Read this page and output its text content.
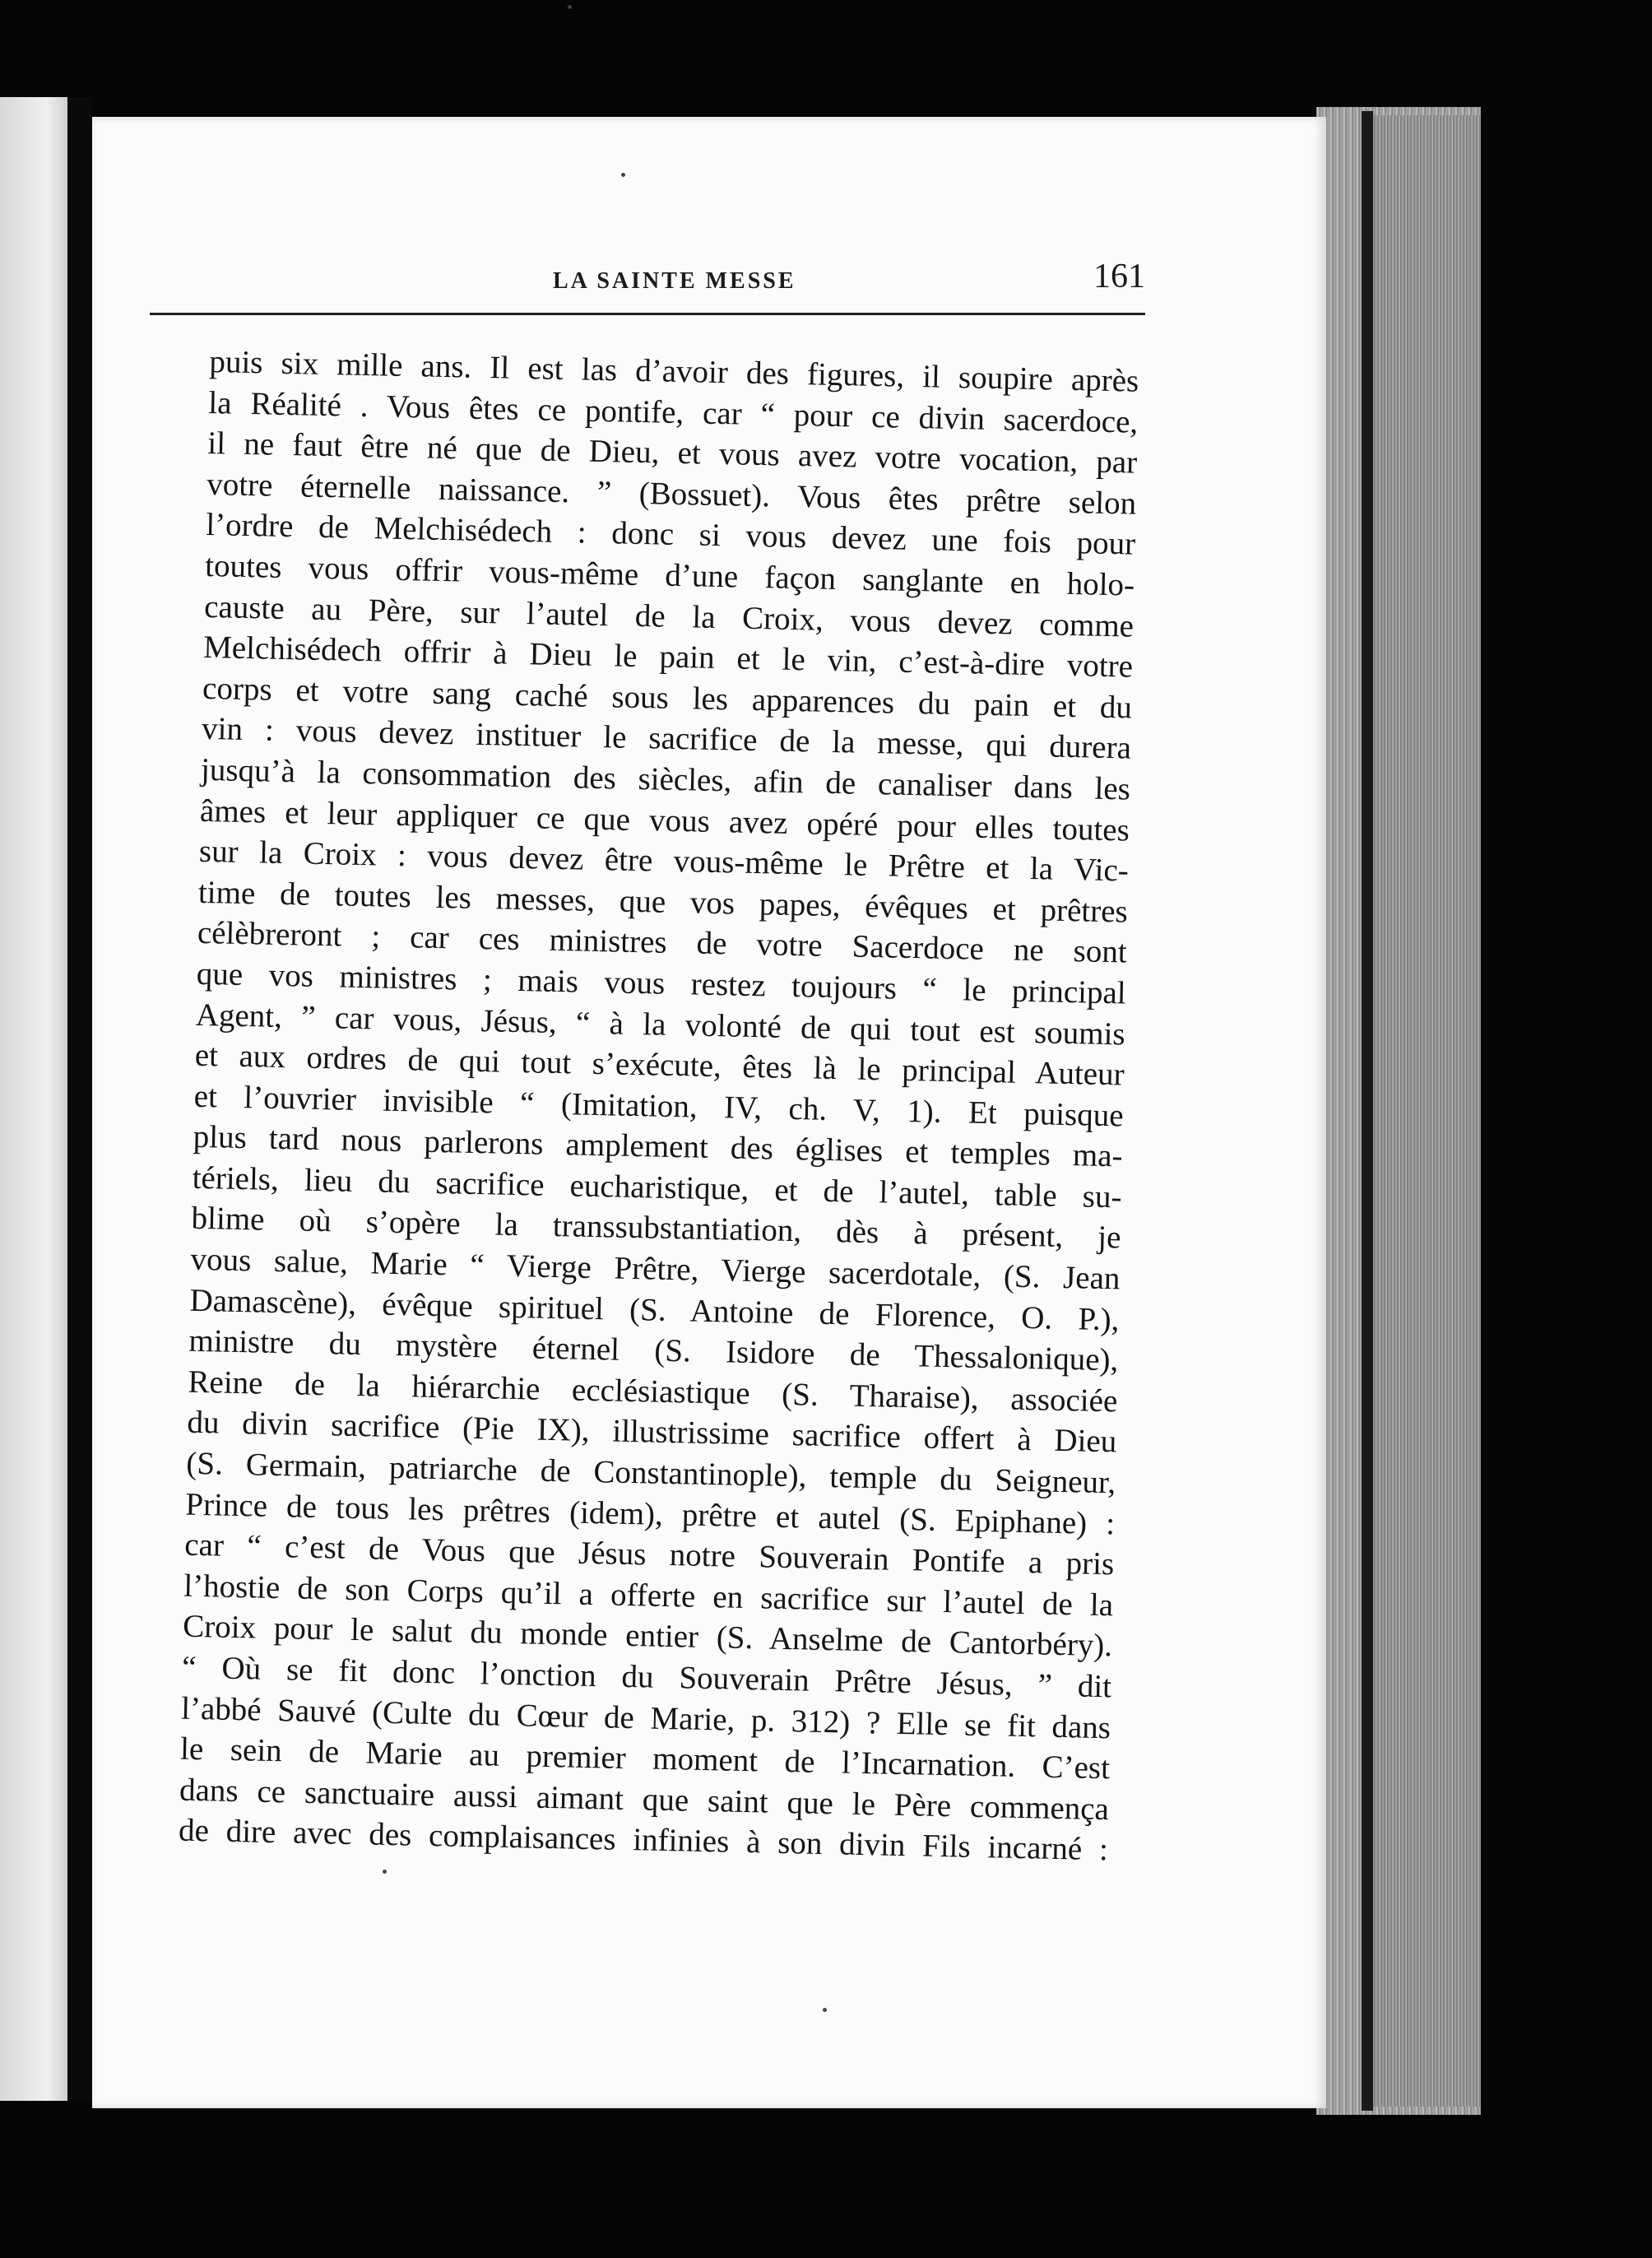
LA SAINTE MESSE	161
puis six mille ans. Il est las d’avoir des figures, il soupire après
la Réalité . Vous êtes ce pontife, car “ pour ce divin sacerdoce,
il ne faut être né que de Dieu, et vous avez votre vocation, par
votre éternelle naissance. ” (Bossuet). Vous êtes prêtre selon
l’ordre de Melchisédech : donc si vous devez une fois pour
toutes vous offrir vous-même d’une façon sanglante en holo-
causte au Père, sur l’autel de la Croix, vous devez comme
Melchisédech offrir à Dieu le pain et le vin, c’est-à-dire votre
corps et votre sang caché sous les apparences du pain et du
vin : vous devez instituer le sacrifice de la messe, qui durera
jusqu’à la consommation des siècles, afin de canaliser dans les
âmes et leur appliquer ce que vous avez opéré pour elles toutes
sur la Croix : vous devez être vous-même le Prêtre et la Vic-
time de toutes les messes, que vos papes, évêques et prêtres
célèbreront ; car ces ministres de votre Sacerdoce ne sont
que vos ministres ; mais vous restez toujours “ le principal
Agent, ” car vous, Jésus, “ à la volonté de qui tout est soumis
et aux ordres de qui tout s’exécute, êtes là le principal Auteur
et l’ouvrier invisible “ (Imitation, IV, ch. V, 1). Et puisque
plus tard nous parlerons amplement des églises et temples ma-
tériels, lieu du sacrifice eucharistique, et de l’autel, table su-
blime où s’opère la transsubstantiation, dès à présent, je
vous salue, Marie “ Vierge Prêtre, Vierge sacerdotale, (S. Jean
Damascène), évêque spirituel (S. Antoine de Florence, O. P.),
ministre du mystère éternel (S. Isidore de Thessalonique),
Reine de la hiérarchie ecclésiastique (S. Tharaise), associée
du divin sacrifice (Pie IX), illustrissime sacrifice offert à Dieu
(S. Germain, patriarche de Constantinople), temple du Seigneur,
Prince de tous les prêtres (idem), prêtre et autel (S. Epiphane) :
car “ c’est de Vous que Jésus notre Souverain Pontife a pris
l’hostie de son Corps qu’il a offerte en sacrifice sur l’autel de la
Croix pour le salut du monde entier (S. Anselme de Cantorbéry).
“ Où se fit donc l’onction du Souverain Prêtre Jésus, ” dit
l’abbé Sauvé (Culte du Cœur de Marie, p. 312) ? Elle se fit dans
le sein de Marie au premier moment de l’Incarnation. C’est
dans ce sanctuaire aussi aimant que saint que le Père commença
de dire avec des complaisances infinies à son divin Fils incarné :
